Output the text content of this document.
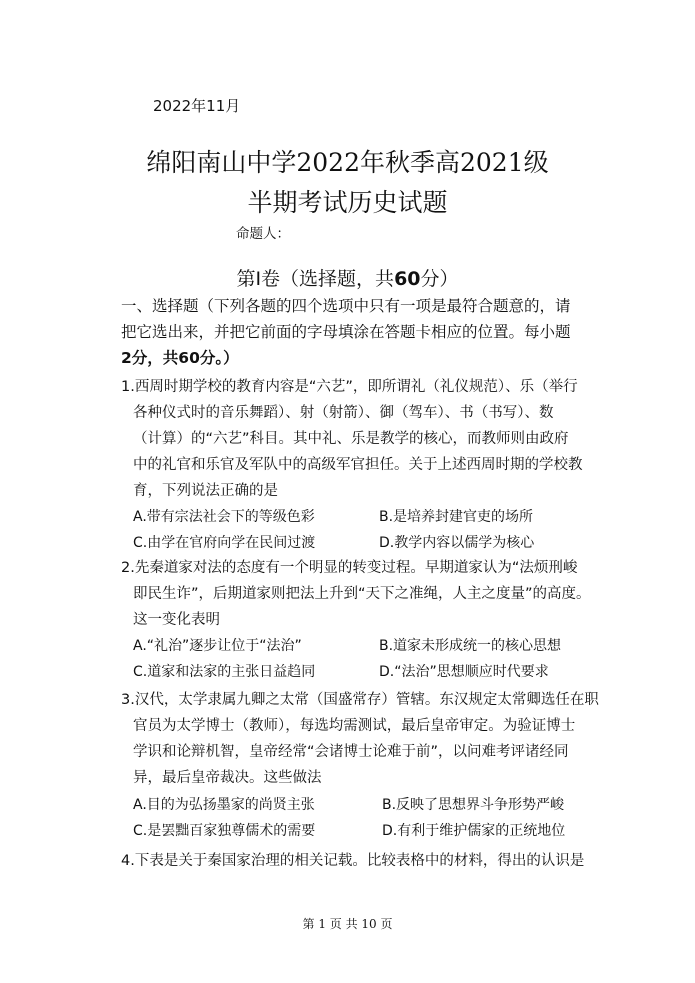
2022年11月
绵阳南山中学2022年秋季高2021级
半期考试历史试题
命题人：
第Ⅰ卷（选择题，共60分）
一、选择题（下列各题的四个选项中只有一项是最符合题意的，请
把它选出来，并把它前面的字母填涂在答题卡相应的位置。每小题
2分，共60分。）
1.西周时期学校的教育内容是“六艺”，即所谓礼（礼仪规范）、乐（举行
各种仪式时的音乐舞蹈）、射（射箭）、御（驾车）、书（书写）、数
（计算）的“六艺”科目。其中礼、乐是教学的核心，而教师则由政府
中的礼官和乐官及军队中的高级军官担任。关于上述西周时期的学校教
育，下列说法正确的是
A.带有宗法社会下的等级色彩	B.是培养封建官吏的场所
C.由学在官府向学在民间过渡	D.教学内容以儒学为核心
2.先秦道家对法的态度有一个明显的转变过程。早期道家认为“法烦刑峻
即民生诈”，后期道家则把法上升到“天下之准绳，人主之度量”的高度。
这一变化表明
A.“礼治”逐步让位于“法治”	B.道家未形成统一的核心思想
C.道家和法家的主张日益趋同	D.“法治”思想顺应时代要求
3.汉代，太学隶属九卿之太常（国盛常存）管辖。东汉规定太常卿选任在职
官员为太学博士（教师），每选均需测试，最后皇帝审定。为验证博士
学识和论辩机智，皇帝经常“会诸博士论难于前”，以问难考评诸经同
异，最后皇帝裁决。这些做法
A.目的为弘扬墨家的尚贤主张	B.反映了思想界斗争形势严峻
C.是罢黜百家独尊儒术的需要	D.有利于维护儒家的正统地位
4.下表是关于秦国家治理的相关记载。比较表格中的材料，得出的认识是
第 1 页 共 10 页
